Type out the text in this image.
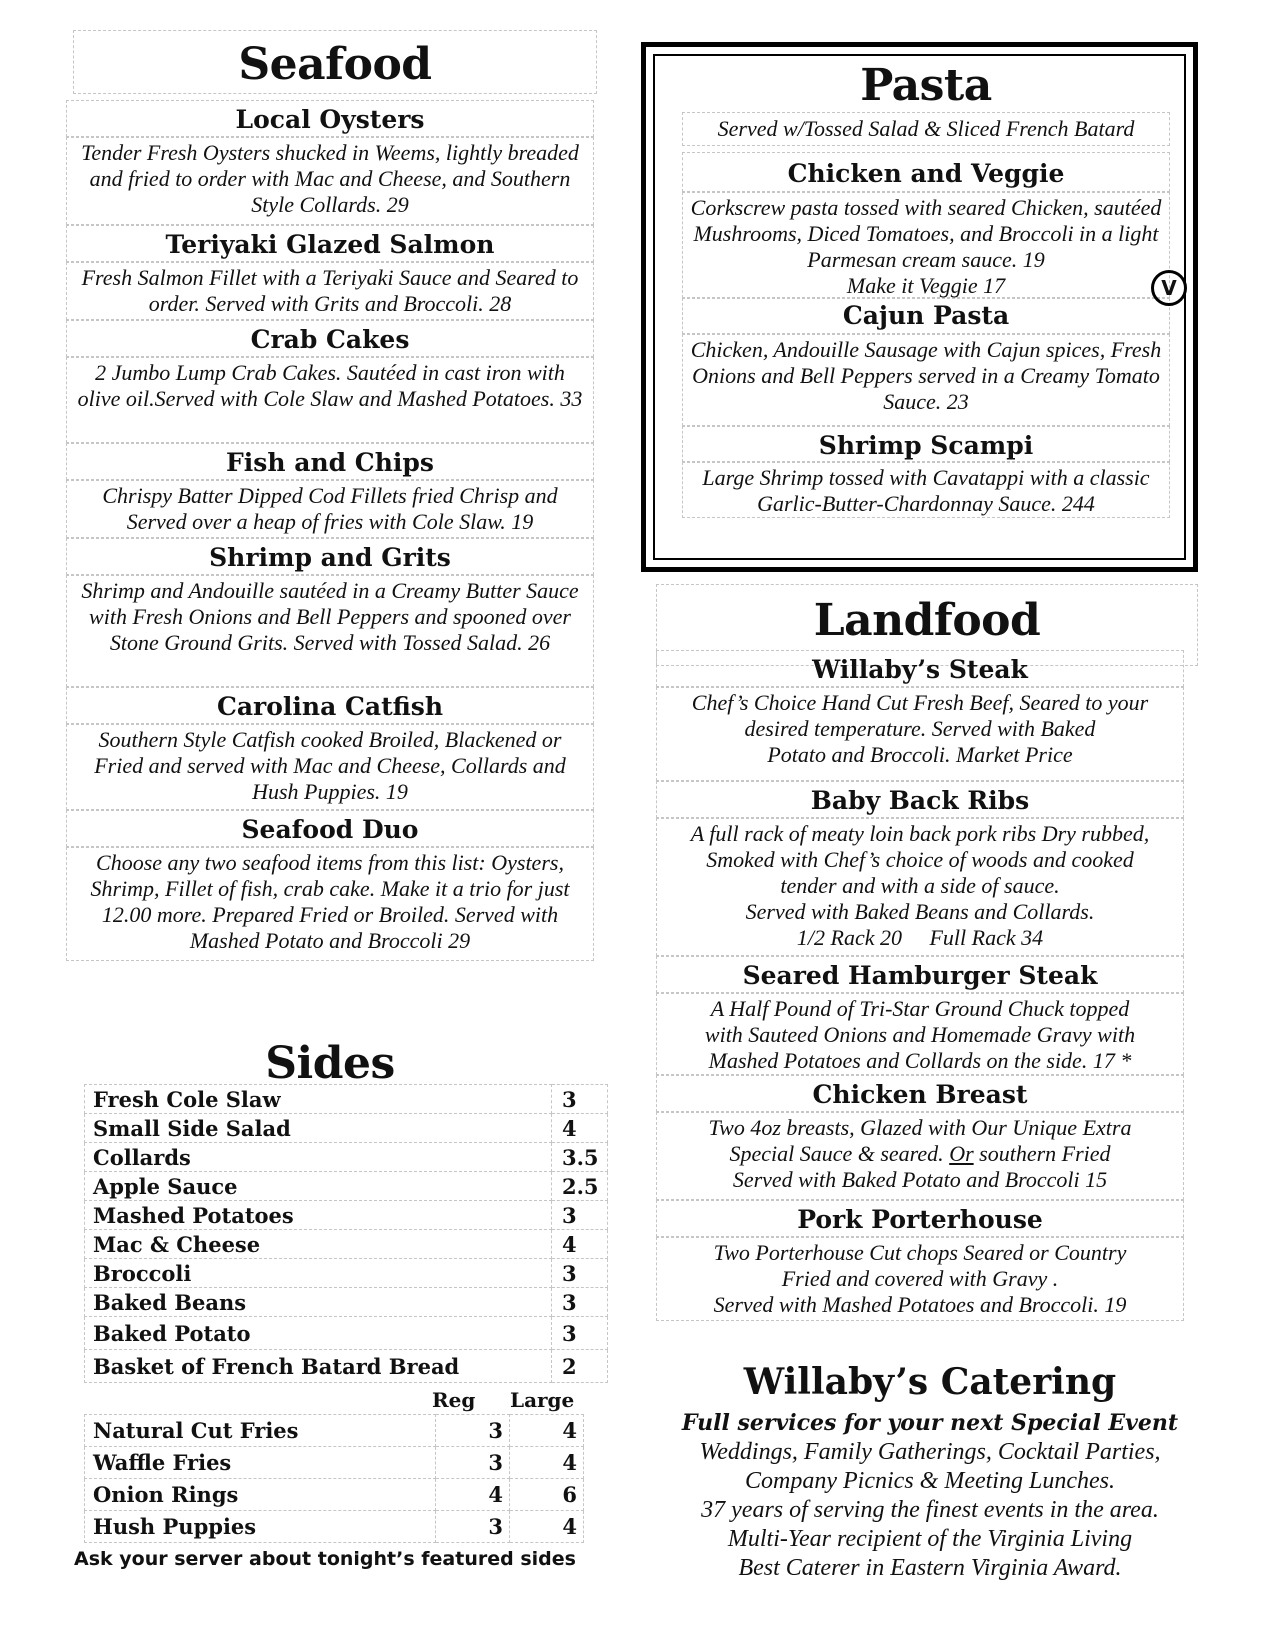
Seafood
Local Oysters
Tender Fresh Oysters shucked in Weems, lightly breaded and fried to order with Mac and Cheese, and Southern Style Collards. 29
Teriyaki Glazed Salmon
Fresh Salmon Fillet with a Teriyaki Sauce and Seared to order. Served with Grits and Broccoli. 28
Crab Cakes
2 Jumbo Lump Crab Cakes. Sautéed in cast iron with olive oil.Served with Cole Slaw and Mashed Potatoes. 33
Fish and Chips
Chrispy Batter Dipped Cod Fillets fried Chrisp and Served over a heap of fries with Cole Slaw. 19
Shrimp and Grits
Shrimp and Andouille sautéed in a Creamy Butter Sauce with Fresh Onions and Bell Peppers and spooned over Stone Ground Grits. Served with Tossed Salad. 26
Carolina Catfish
Southern Style Catfish cooked Broiled, Blackened or Fried and served with Mac and Cheese, Collards and Hush Puppies. 19
Seafood Duo
Choose any two seafood items from this list: Oysters, Shrimp, Fillet of fish, crab cake. Make it a trio for just 12.00 more. Prepared Fried or Broiled. Served with Mashed Potato and Broccoli 29
Sides
Fresh Cole Slaw	3
Small Side Salad	4
Collards	3.5
Apple Sauce	2.5
Mashed Potatoes	3
Mac & Cheese	4
Broccoli	3
Baked Beans	3
Baked Potato	3
Basket of French Batard Bread	2
Reg Large
Natural Cut Fries	3	4
Waffle Fries	3	4
Onion Rings	4	6
Hush Puppies	3	4
Ask your server about tonight’s featured sides
Pasta
Served w/Tossed Salad & Sliced French Batard
Chicken and Veggie
Corkscrew pasta tossed with seared Chicken, sautéed Mushrooms, Diced Tomatoes, and Broccoli in a light Parmesan cream sauce. 19
Make it Veggie 17
Cajun Pasta
Chicken, Andouille Sausage with Cajun spices, Fresh Onions and Bell Peppers served in a Creamy Tomato Sauce. 23
Shrimp Scampi
Large Shrimp tossed with Cavatappi with a classic Garlic-Butter-Chardonnay Sauce. 244
V
Landfood
Willaby’s Steak
Chef’s Choice Hand Cut Fresh Beef, Seared to your
desired temperature. Served with Baked
Potato and Broccoli. Market Price
Baby Back Ribs
A full rack of meaty loin back pork ribs Dry rubbed,
Smoked with Chef’s choice of woods and cooked
tender and with a side of sauce.
Served with Baked Beans and Collards.
1/2 Rack 20     Full Rack 34
Seared Hamburger Steak
A Half Pound of Tri-Star Ground Chuck topped
with Sauteed Onions and Homemade Gravy with
Mashed Potatoes and Collards on the side. 17 *
Chicken Breast
Two 4oz breasts, Glazed with Our Unique Extra
Special Sauce & seared. Or southern Fried
Served with Baked Potato and Broccoli 15
Pork Porterhouse
Two Porterhouse Cut chops Seared or Country
Fried and covered with Gravy .
Served with Mashed Potatoes and Broccoli. 19
Willaby’s Catering
Full services for your next Special Event
Weddings, Family Gatherings, Cocktail Parties,
Company Picnics & Meeting Lunches.
37 years of serving the finest events in the area.
Multi-Year recipient of the Virginia Living
Best Caterer in Eastern Virginia Award.
